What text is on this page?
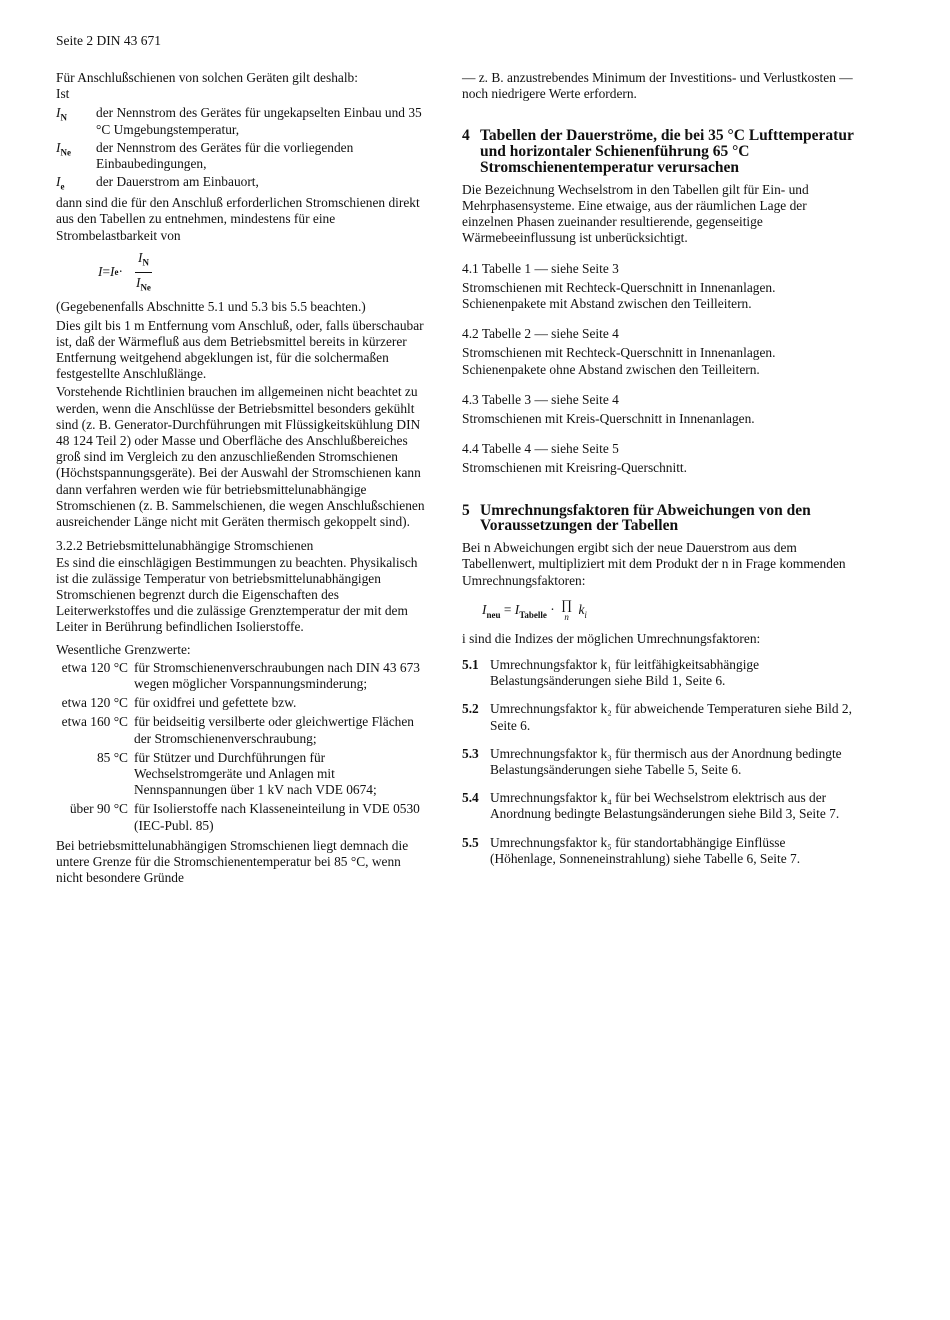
Seite 2 DIN 43 671

Für Anschlußschienen von solchen Geräten gilt deshalb:

Ist

$I_N$	der Nennstrom des Gerätes für ungekapselten Einbau und 35 °C Umgebungstemperatur,
$I_{Ne}$	der Nennstrom des Gerätes für die vorliegenden Einbaubedingungen,
$I_e$	der Dauerstrom am Einbauort,

dann sind die für den Anschluß erforderlichen Stromschienen direkt aus den Tabellen zu entnehmen, mindestens für eine Strombelastbarkeit von

I = I $e \cdot \frac{I_N}{I_{Ne}}$

(Gegebenenfalls Abschnitte 5.1 und 5.3 bis 5.5 beachten.)

Dies gilt bis 1 m Entfernung vom Anschluß, oder, falls überschaubar ist, daß der Wärmefluß aus dem Betriebsmittel bereits in kürzerer Entfernung weitgehend abgeklungen ist, für die solchermaßen festgestellte Anschlußlänge.

Vorstehende Richtlinien brauchen im allgemeinen nicht beachtet zu werden, wenn die Anschlüsse der Betriebsmittel besonders gekühlt sind (z. B. Generator-Durchführungen mit Flüssigkeitskühlung DIN 48 124 Teil 2) oder Masse und Oberfläche des Anschlußbereiches groß sind im Vergleich zu den anzuschließenden Stromschienen (Höchstspannungsgeräte). Bei der Auswahl der Stromschienen kann dann verfahren werden wie für betriebsmittelunabhängige Stromschienen (z. B. Sammelschienen, die wegen Anschlußschienen ausreichender Länge nicht mit Geräten thermisch gekoppelt sind).

3.2.2 Betriebsmittelunabhängige Stromschienen

Es sind die einschlägigen Bestimmungen zu beachten. Physikalisch ist die zulässige Temperatur von betriebsmittelunabhängigen Stromschienen begrenzt durch die Eigenschaften des Leiterwerkstoffes und die zulässige Grenztemperatur der mit dem Leiter in Berührung befindlichen Isolierstoffe.

Wesentliche Grenzwerte:

etwa 120 °C für Stromschienenverschraubungen nach DIN 43 673 wegen möglicher Vorspannungsminderung;
etwa 120 °C für oxidfrei und gefettete bzw.
etwa 160 °C für beidseitig versilberte oder gleichwertige Flächen der Stromschienenverschraubung;
85 °C für Stützer und Durchführungen für Wechselstromgeräte und Anlagen mit Nennspannungen über 1 kV nach VDE 0674;
über 90 °C für Isolierstoffe nach Klasseneinteilung in VDE 0530 (IEC-Publ. 85)

Bei betriebsmittelunabhängigen Stromschienen liegt demnach die untere Grenze für die Stromschienentemperatur bei 85 °C, wenn nicht besondere Gründe

— z. B. anzustrebendes Minimum der Investitions- und Verlustkosten — noch niedrigere Werte erfordern.

4 Tabellen der Dauerströme, die bei 35 °C Lufttemperatur und horizontaler Schienenführung 65 °C Stromschienentemperatur verursachen

Die Bezeichnung Wechselstrom in den Tabellen gilt für Ein- und Mehrphasensysteme. Eine etwaige, aus der räumlichen Lage der einzelnen Phasen zueinander resultierende, gegenseitige Wärmebeeinflussung ist unberücksichtigt.

4.1 Tabelle 1 — siehe Seite 3

Stromschienen mit Rechteck-Querschnitt in Innenanlagen. Schienenpakete mit Abstand zwischen den Teilleitern.

4.2 Tabelle 2 — siehe Seite 4

Stromschienen mit Rechteck-Querschnitt in Innenanlagen. Schienenpakete ohne Abstand zwischen den Teilleitern.

4.3 Tabelle 3 — siehe Seite 4

Stromschienen mit Kreis-Querschnitt in Innenanlagen.

4.4 Tabelle 4 — siehe Seite 5

Stromschienen mit Kreisring-Querschnitt.

5 Umrechnungsfaktoren für Abweichungen von den Voraussetzungen der Tabellen

Bei n Abweichungen ergibt sich der neue Dauerstrom aus dem Tabellenwert, multipliziert mit dem Produkt der n in Frage kommenden Umrechnungsfaktoren:

$I_{neu} = I_{Tabelle}$ · ∏
n $k_i$

i sind die Indizes der möglichen Umrechnungsfaktoren:

5.1 Umrechnungsfaktor k₁ für leitfähigkeitsabhängige Belastungsänderungen siehe Bild 1, Seite 6.
5.2 Umrechnungsfaktor k₂ für abweichende Temperaturen siehe Bild 2, Seite 6.
5.3 Umrechnungsfaktor k₃ für thermisch aus der Anordnung bedingte Belastungsänderungen siehe Tabelle 5, Seite 6.
5.4 Umrechnungsfaktor k₄ für bei Wechselstrom elektrisch aus der Anordnung bedingte Belastungsänderungen siehe Bild 3, Seite 7.
5.5 Umrechnungsfaktor k₅ für standortabhängige Einflüsse (Höhenlage, Sonneneinstrahlung) siehe Tabelle 6, Seite 7.
